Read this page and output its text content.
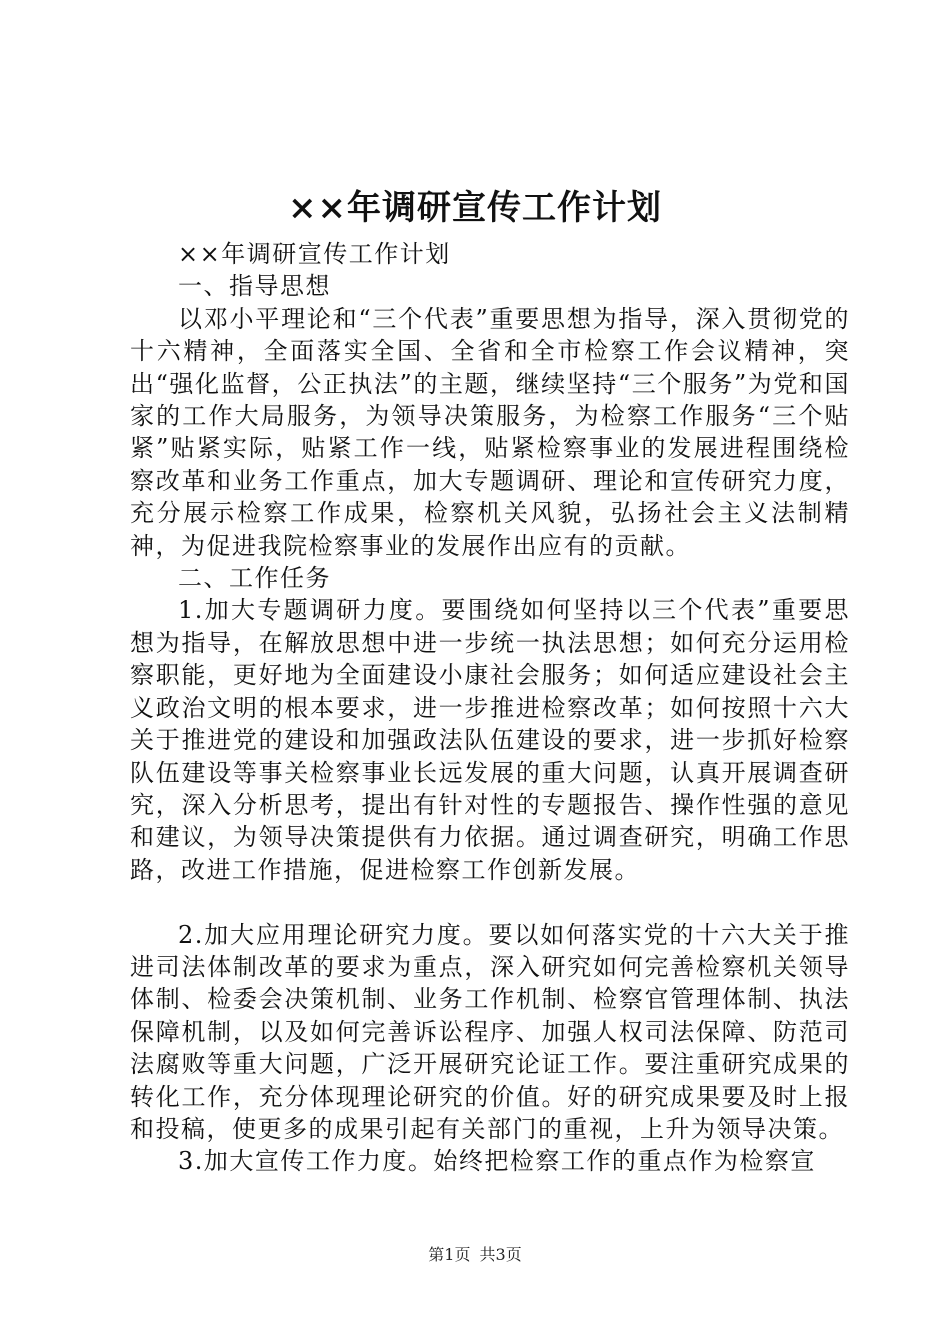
××年调研宣传工作计划

××年调研宣传工作计划

一、指导思想

以邓小平理论和“三个代表”重要思想为指导，深入贯彻党的十六精神，全面落实全国、全省和全市检察工作会议精神，突出“强化监督，公正执法”的主题，继续坚持“三个服务”为党和国家的工作大局服务，为领导决策服务，为检察工作服务“三个贴紧”贴紧实际，贴紧工作一线，贴紧检察事业的发展进程围绕检察改革和业务工作重点，加大专题调研、理论和宣传研究力度，充分展示检察工作成果，检察机关风貌，弘扬社会主义法制精神，为促进我院检察事业的发展作出应有的贡献。

二、工作任务

1.加大专题调研力度。要围绕如何坚持以三个代表”重要思想为指导，在解放思想中进一步统一执法思想；如何充分运用检察职能，更好地为全面建设小康社会服务；如何适应建设社会主义政治文明的根本要求，进一步推进检察改革；如何按照十六大关于推进党的建设和加强政法队伍建设的要求，进一步抓好检察队伍建设等事关检察事业长远发展的重大问题，认真开展调查研究，深入分析思考，提出有针对性的专题报告、操作性强的意见和建议，为领导决策提供有力依据。通过调查研究，明确工作思路，改进工作措施，促进检察工作创新发展。

2.加大应用理论研究力度。要以如何落实党的十六大关于推进司法体制改革的要求为重点，深入研究如何完善检察机关领导体制、检委会决策机制、业务工作机制、检察官管理体制、执法保障机制，以及如何完善诉讼程序、加强人权司法保障、防范司法腐败等重大问题，广泛开展研究论证工作。要注重研究成果的转化工作，充分体现理论研究的价值。好的研究成果要及时上报和投稿，使更多的成果引起有关部门的重视，上升为领导决策。

3.加大宣传工作力度。始终把检察工作的重点作为检察宣

第1页 共3页
